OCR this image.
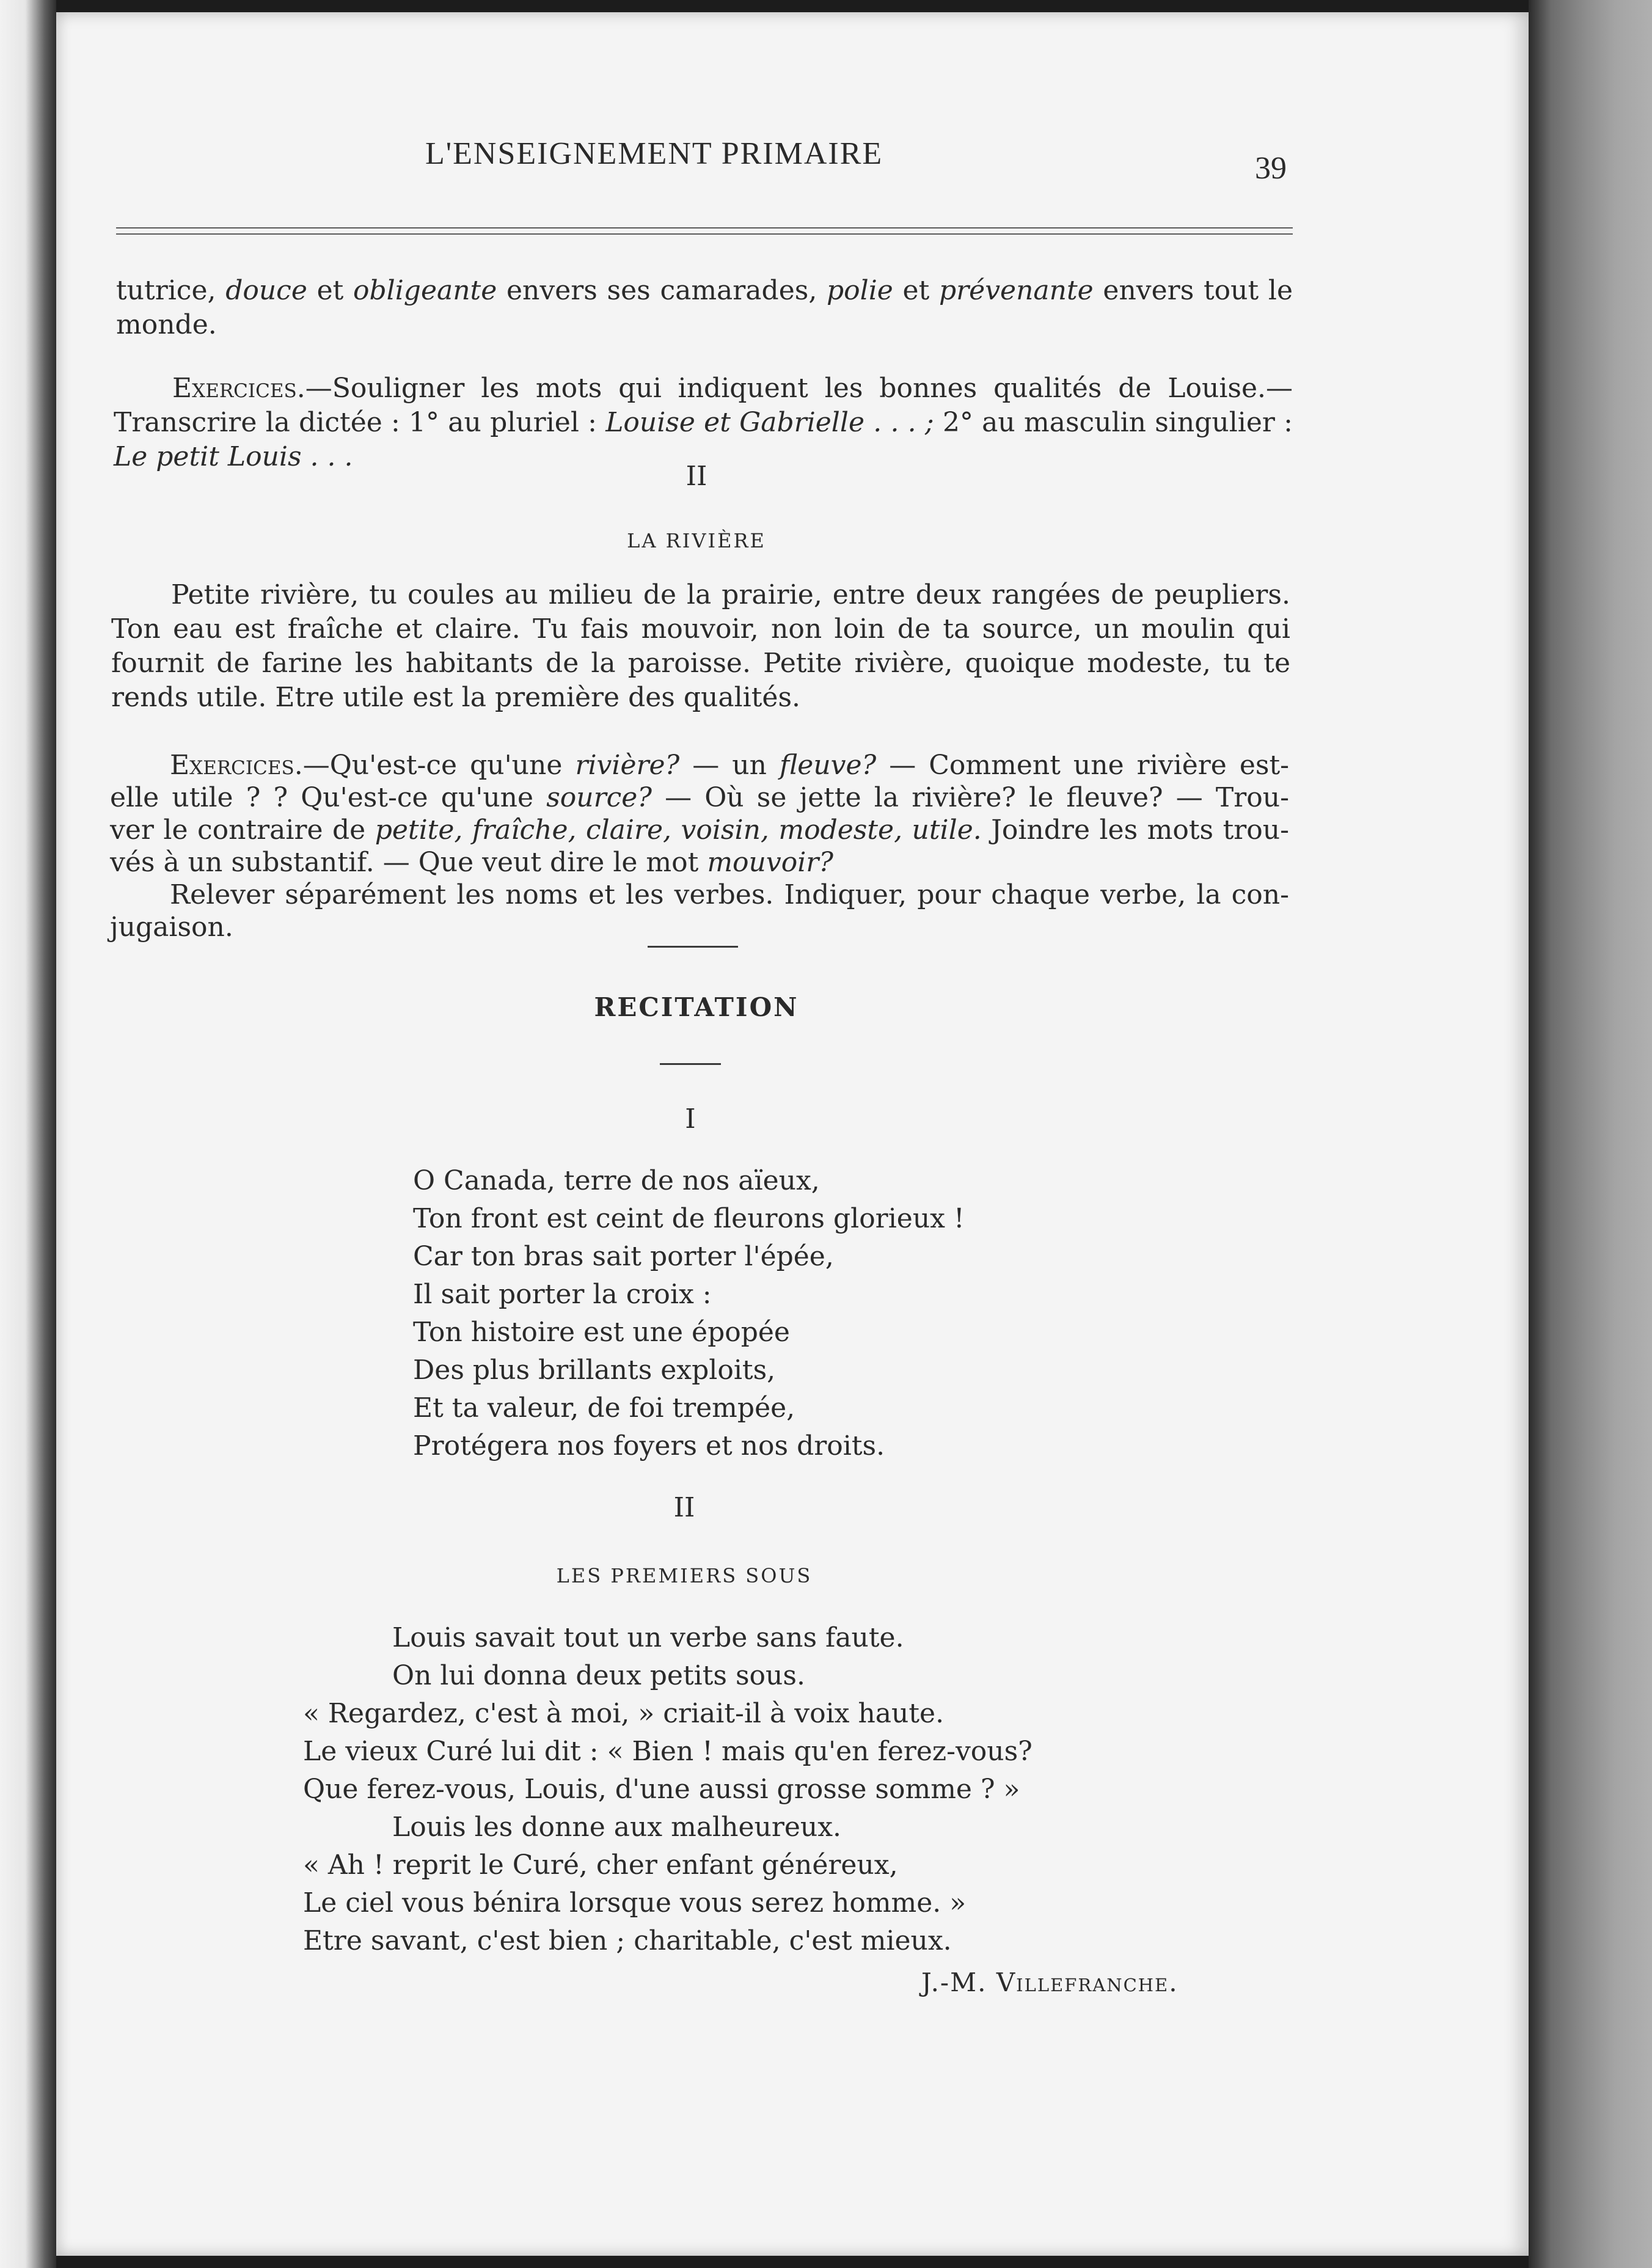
L'ENSEIGNEMENT PRIMAIRE	39

tutrice, douce et obligeante envers ses camarades, polie et prévenante envers tout le

monde.

Exercices.—Souligner les mots qui indiquent les bonnes qualités de Louise.—

Transcrire la dictée : 1° au pluriel : Louise et Gabrielle . . . ; 2° au masculin singulier :

Le petit Louis . . .

II
LA RIVIÈRE

Petite rivière, tu coules au milieu de la prairie, entre deux rangées de peupliers.

Ton eau est fraîche et claire. Tu fais mouvoir, non loin de ta source, un moulin qui

fournit de farine les habitants de la paroisse. Petite rivière, quoique modeste, tu te

rends utile. Etre utile est la première des qualités.

Exercices.—Qu'est-ce qu'une rivière? — un fleuve? — Comment une rivière est-

elle utile ? ? Qu'est-ce qu'une source? — Où se jette la rivière? le fleuve? — Trou-

ver le contraire de petite, fraîche, claire, voisin, modeste, utile. Joindre les mots trou-

vés à un substantif. — Que veut dire le mot mouvoir?

Relever séparément les noms et les verbes. Indiquer, pour chaque verbe, la con-

jugaison.

RECITATION
I

O Canada, terre de nos aïeux,

Ton front est ceint de fleurons glorieux !

Car ton bras sait porter l'épée,

Il sait porter la croix :

Ton histoire est une épopée

Des plus brillants exploits,

Et ta valeur, de foi trempée,

Protégera nos foyers et nos droits.

II
LES PREMIERS SOUS

Louis savait tout un verbe sans faute.

On lui donna deux petits sous.

« Regardez, c'est à moi, » criait-il à voix haute.

Le vieux Curé lui dit : « Bien ! mais qu'en ferez-vous?

Que ferez-vous, Louis, d'une aussi grosse somme ? »

Louis les donne aux malheureux.

« Ah ! reprit le Curé, cher enfant généreux,

Le ciel vous bénira lorsque vous serez homme. »

Etre savant, c'est bien ; charitable, c'est mieux.

J.-M. Villefranche.
